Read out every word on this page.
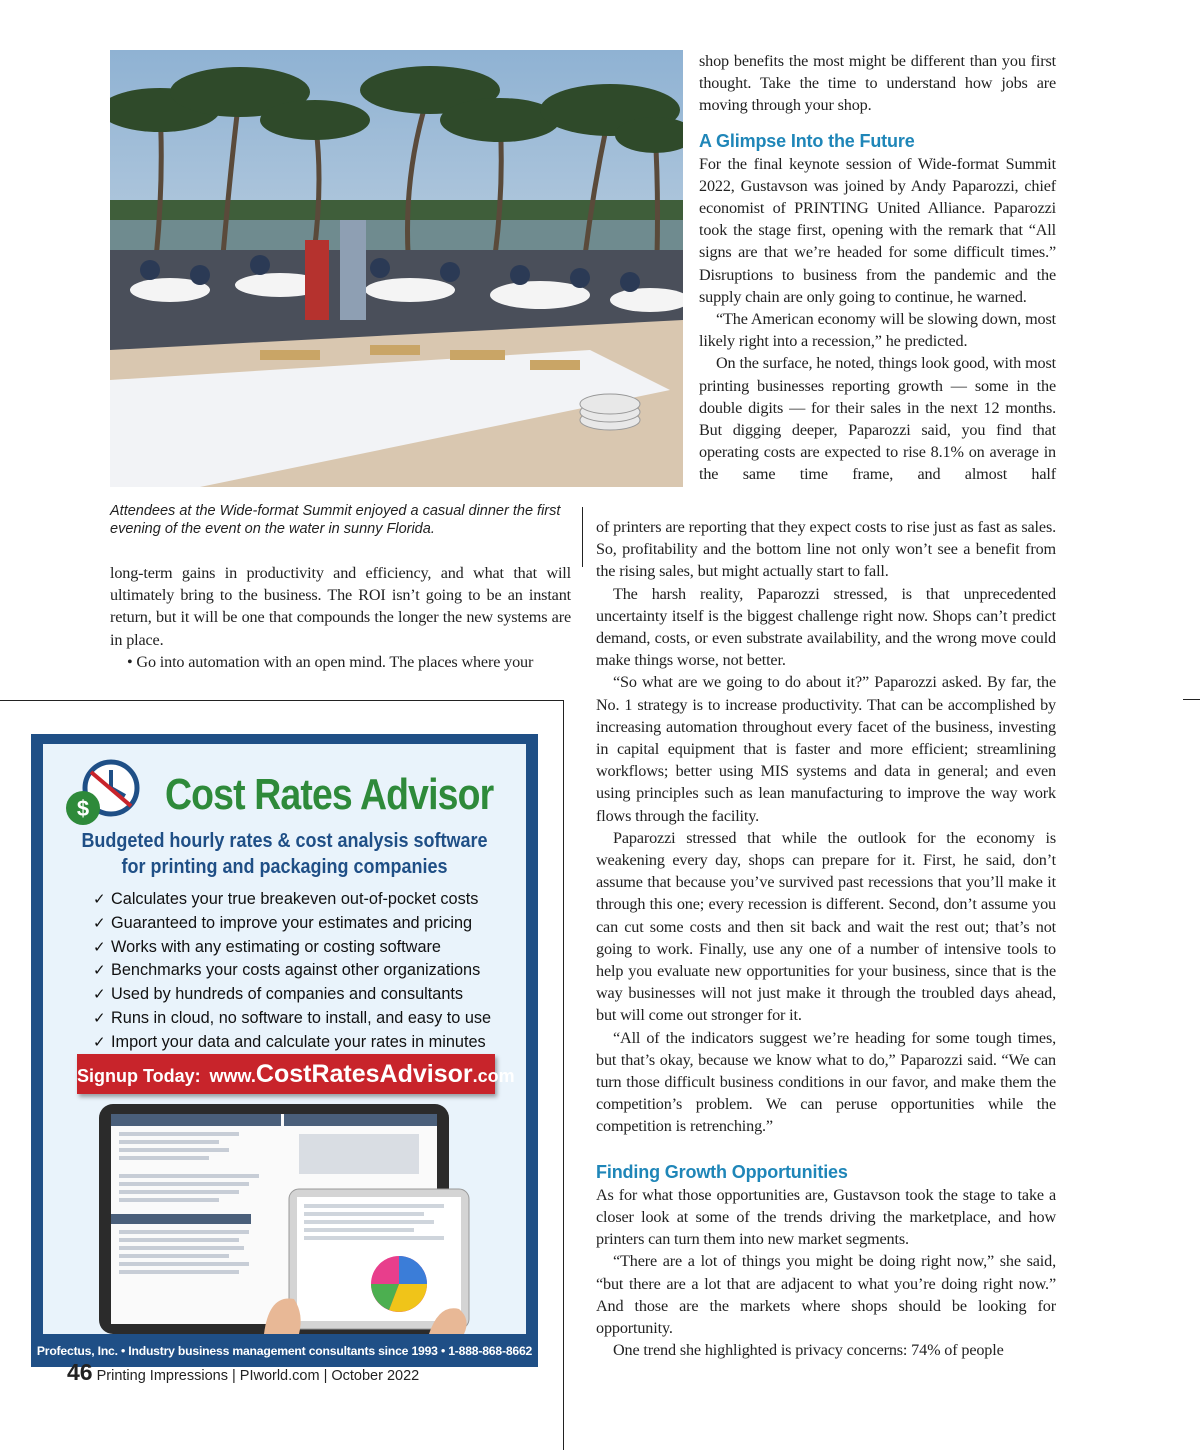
Attendees at the Wide-format Summit enjoyed a casual dinner the first evening of the event on the water in sunny Florida.

long-term gains in productivity and efficiency, and what that will ultimately bring to the business. The ROI isn’t going to be an instant return, but it will be one that compounds the longer the new systems are in place.

• Go into automation with an open mind. The places where your

shop benefits the most might be different than you first thought. Take the time to understand how jobs are moving through your shop.

A Glimpse Into the Future

For the final keynote session of Wide-format Summit 2022, Gustavson was joined by Andy Paparozzi, chief economist of PRINTING United Alliance. Paparozzi took the stage first, opening with the remark that “All signs are that we’re headed for some difficult times.” Disruptions to business from the pandemic and the supply chain are only going to continue, he warned.

“The American economy will be slowing down, most likely right into a recession,” he predicted.

On the surface, he noted, things look good, with most printing businesses reporting growth — some in the double digits — for their sales in the next 12 months. But digging deeper, Paparozzi said, you find that operating costs are expected to rise 8.1% on average in the same time frame, and almost half

of printers are reporting that they expect costs to rise just as fast as sales. So, profitability and the bottom line not only won’t see a benefit from the rising sales, but might actually start to fall.

The harsh reality, Paparozzi stressed, is that unprecedented uncertainty itself is the biggest challenge right now. Shops can’t predict demand, costs, or even substrate availability, and the wrong move could make things worse, not better.

“So what are we going to do about it?” Paparozzi asked. By far, the No. 1 strategy is to increase productivity. That can be accomplished by increasing automation throughout every facet of the business, investing in capital equipment that is faster and more efficient; streamlining workflows; better using MIS systems and data in general; and even using principles such as lean manufacturing to improve the way work flows through the facility.

Paparozzi stressed that while the outlook for the economy is weakening every day, shops can prepare for it. First, he said, don’t assume that because you’ve survived past recessions that you’ll make it through this one; every recession is different. Second, don’t assume you can cut some costs and then sit back and wait the rest out; that’s not going to work. Finally, use any one of a number of intensive tools to help you evaluate new opportunities for your business, since that is the way businesses will not just make it through the troubled days ahead, but will come out stronger for it.

“All of the indicators suggest we’re heading for some tough times, but that’s okay, because we know what to do,” Paparozzi said. “We can turn those difficult business conditions in our favor, and make them the competition’s problem. We can peruse opportunities while the competition is retrenching.”

Finding Growth Opportunities

As for what those opportunities are, Gustavson took the stage to take a closer look at some of the trends driving the marketplace, and how printers can turn them into new market segments.

“There are a lot of things you might be doing right now,” she said, “but there are a lot that are adjacent to what you’re doing right now.” And those are the markets where shops should be looking for opportunity.

One trend she highlighted is privacy concerns: 74% of people

$ Cost Rates Advisor
Budgeted hourly rates & cost analysis software
for printing and packaging companies
✓ Calculates your true breakeven out-of-pocket costs
✓ Guaranteed to improve your estimates and pricing
✓ Works with any estimating or costing software
✓ Benchmarks your costs against other organizations
✓ Used by hundreds of companies and consultants
✓ Runs in cloud, no software to install, and easy to use
✓ Import your data and calculate your rates in minutes
Signup Today: www.CostRatesAdvisor.com
Profectus, Inc. • Industry business management consultants since 1993 • 1-888-868-8662
46 Printing Impressions | PIworld.com | October 2022
